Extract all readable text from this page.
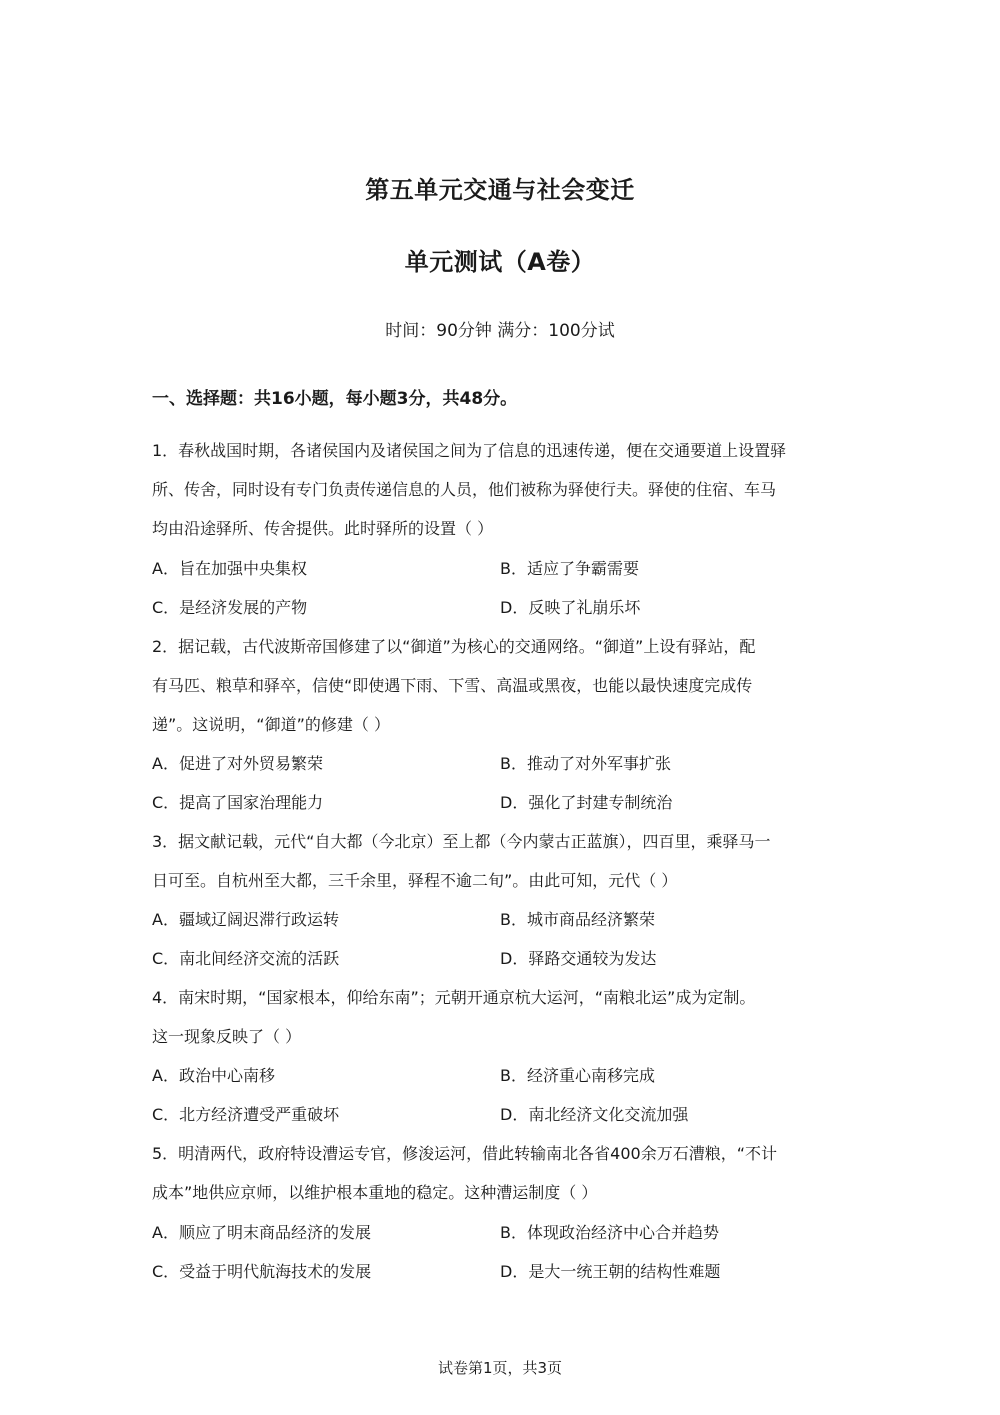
第五单元交通与社会变迁
单元测试（A卷）
时间：90分钟 满分：100分试
一、选择题：共16小题，每小题3分，共48分。
1．春秋战国时期，各诸侯国内及诸侯国之间为了信息的迅速传递，便在交通要道上设置驿
所、传舍，同时设有专门负责传递信息的人员，他们被称为驿使行夫。驿使的住宿、车马
均由沿途驿所、传舍提供。此时驿所的设置（ ）
A．旨在加强中央集权	B．适应了争霸需要
C．是经济发展的产物	D．反映了礼崩乐坏
2．据记载，古代波斯帝国修建了以“御道”为核心的交通网络。“御道”上设有驿站，配
有马匹、粮草和驿卒，信使“即使遇下雨、下雪、高温或黑夜，也能以最快速度完成传
递”。这说明，“御道”的修建（ ）
A．促进了对外贸易繁荣	B．推动了对外军事扩张
C．提高了国家治理能力	D．强化了封建专制统治
3．据文献记载，元代“自大都（今北京）至上都（今内蒙古正蓝旗），四百里，乘驿马一
日可至。自杭州至大都，三千余里，驿程不逾二旬”。由此可知，元代（ ）
A．疆域辽阔迟滞行政运转	B．城市商品经济繁荣
C．南北间经济交流的活跃	D．驿路交通较为发达
4．南宋时期，“国家根本，仰给东南”；元朝开通京杭大运河，“南粮北运”成为定制。
这一现象反映了（ ）
A．政治中心南移	B．经济重心南移完成
C．北方经济遭受严重破坏	D．南北经济文化交流加强
5．明清两代，政府特设漕运专官，修浚运河，借此转输南北各省400余万石漕粮，“不计
成本”地供应京师，以维护根本重地的稳定。这种漕运制度（ ）
A．顺应了明末商品经济的发展	B．体现政治经济中心合并趋势
C．受益于明代航海技术的发展	D．是大一统王朝的结构性难题
试卷第1页，共3页
